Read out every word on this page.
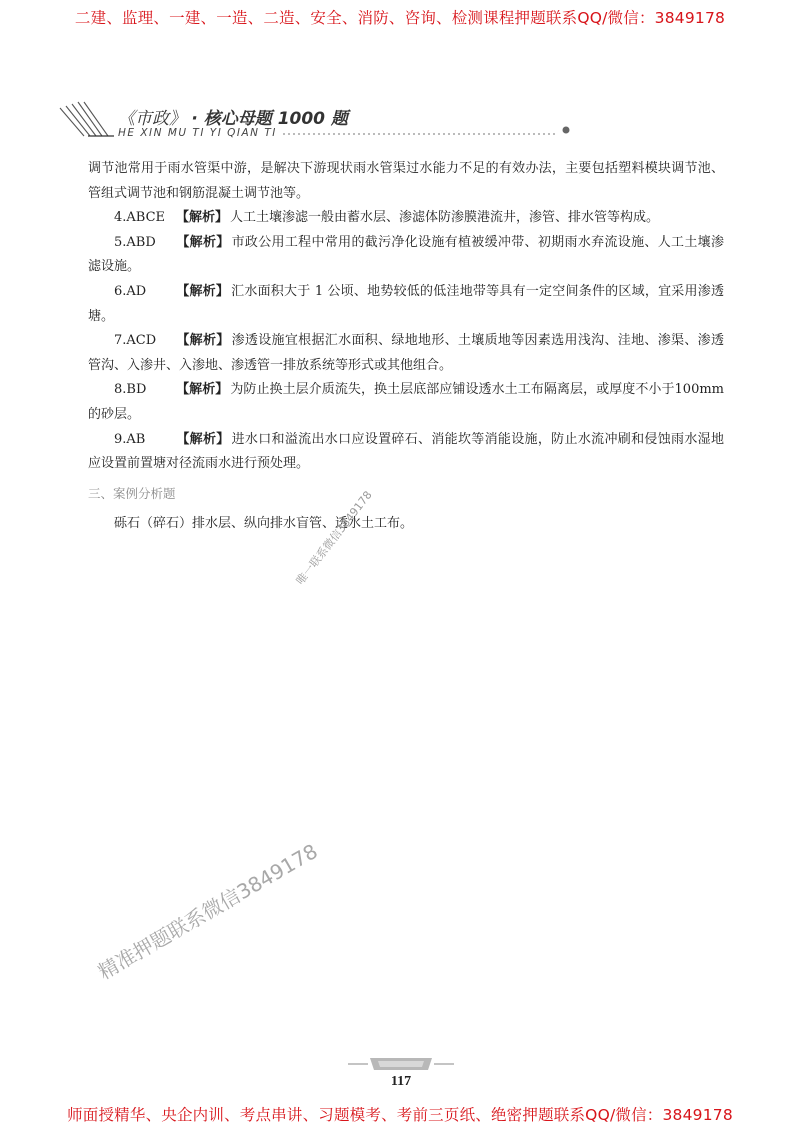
二建、监理、一建、一造、二造、安全、消防、咨询、检测课程押题联系QQ/微信：3849178
《市政》 · 核心母题 1000 题
HE XIN MU TI YI QIAN TI

调节池常用于雨水管渠中游，是解决下游现状雨水管渠过水能力不足的有效办法，主要包括塑料模块调节池、管组式调节池和钢筋混凝土调节池等。

4.ABCE 【解析】 人工土壤渗滤一般由蓄水层、渗滤体防渗膜港流井，渗管、排水管等构成。

5.ABD 【解析】 市政公用工程中常用的截污净化设施有植被缓冲带、初期雨水弃流设施、人工土壤渗滤设施。

6.AD 【解析】 汇水面积大于 1 公顷、地势较低的低洼地带等具有一定空间条件的区域，宜采用渗透塘。

7.ACD 【解析】 渗透设施宜根据汇水面积、绿地地形、土壤质地等因素选用浅沟、洼地、渗渠、渗透管沟、入渗井、入渗地、渗透管一排放系统等形式或其他组合。

8.BD 【解析】 为防止换土层介质流失，换土层底部应铺设透水土工布隔离层，或厚度不小于100mm 的砂层。

9.AB 【解析】 进水口和溢流出水口应设置碎石、消能坎等消能设施，防止水流冲刷和侵蚀雨水湿地应设置前置塘对径流雨水进行预处理。

三、案例分析题

砾石（碎石）排水层、纵向排水盲管、透水土工布。

唯一联系微信3849178
精准押题联系微信3849178
117
师面授精华、央企内训、考点串讲、习题模考、考前三页纸、绝密押题联系QQ/微信：3849178
